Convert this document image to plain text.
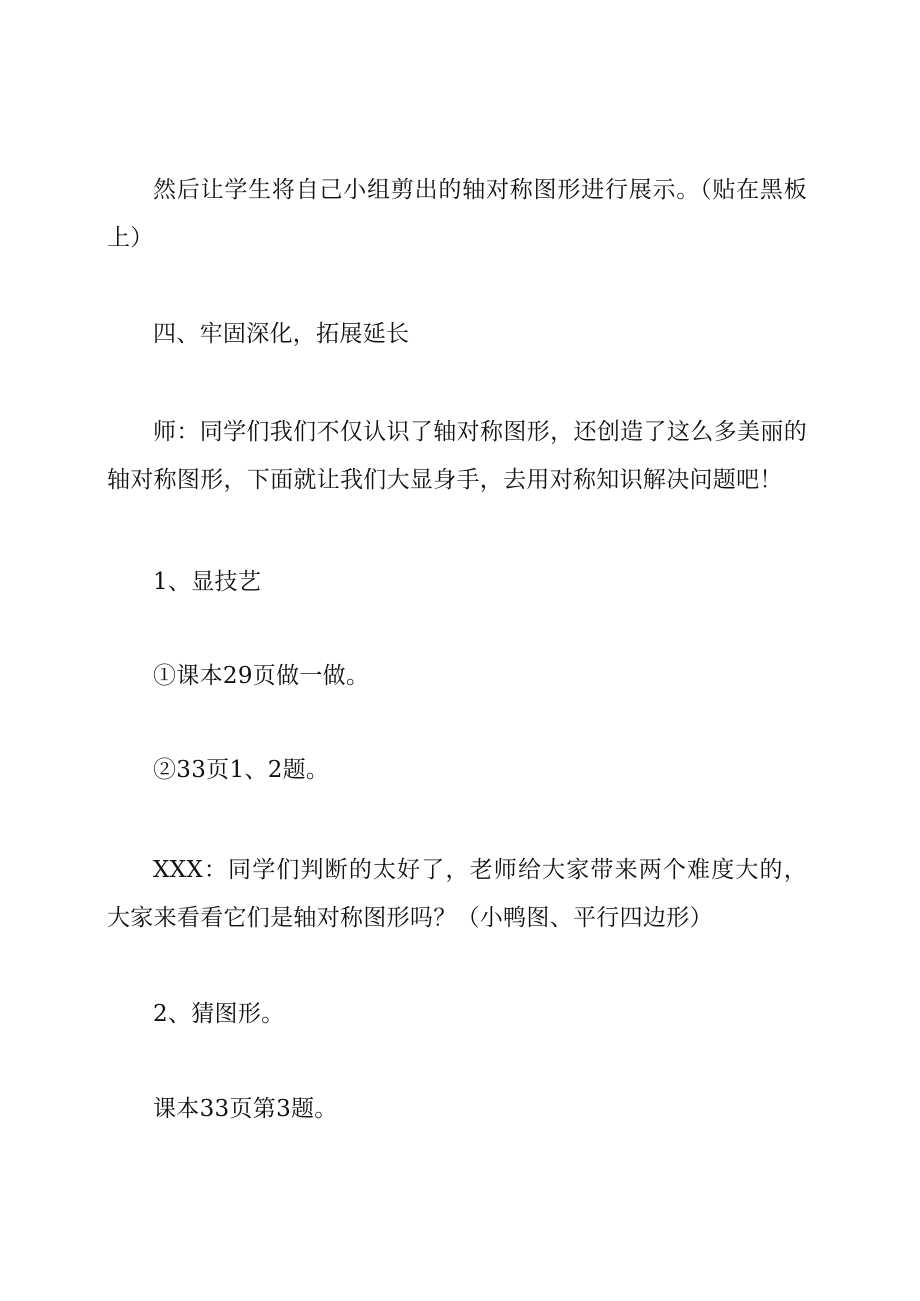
然后让学生将自己小组剪出的轴对称图形进行展示。（贴在黑板上）

四、牢固深化，拓展延长

师：同学们我们不仅认识了轴对称图形，还创造了这么多美丽的轴对称图形，下面就让我们大显身手，去用对称知识解决问题吧！

1、显技艺

①课本29页做一做。

②33页1、2题。

XXX：同学们判断的太好了，老师给大家带来两个难度大的，大家来看看它们是轴对称图形吗？（小鸭图、平行四边形）

2、猜图形。

课本33页第3题。
